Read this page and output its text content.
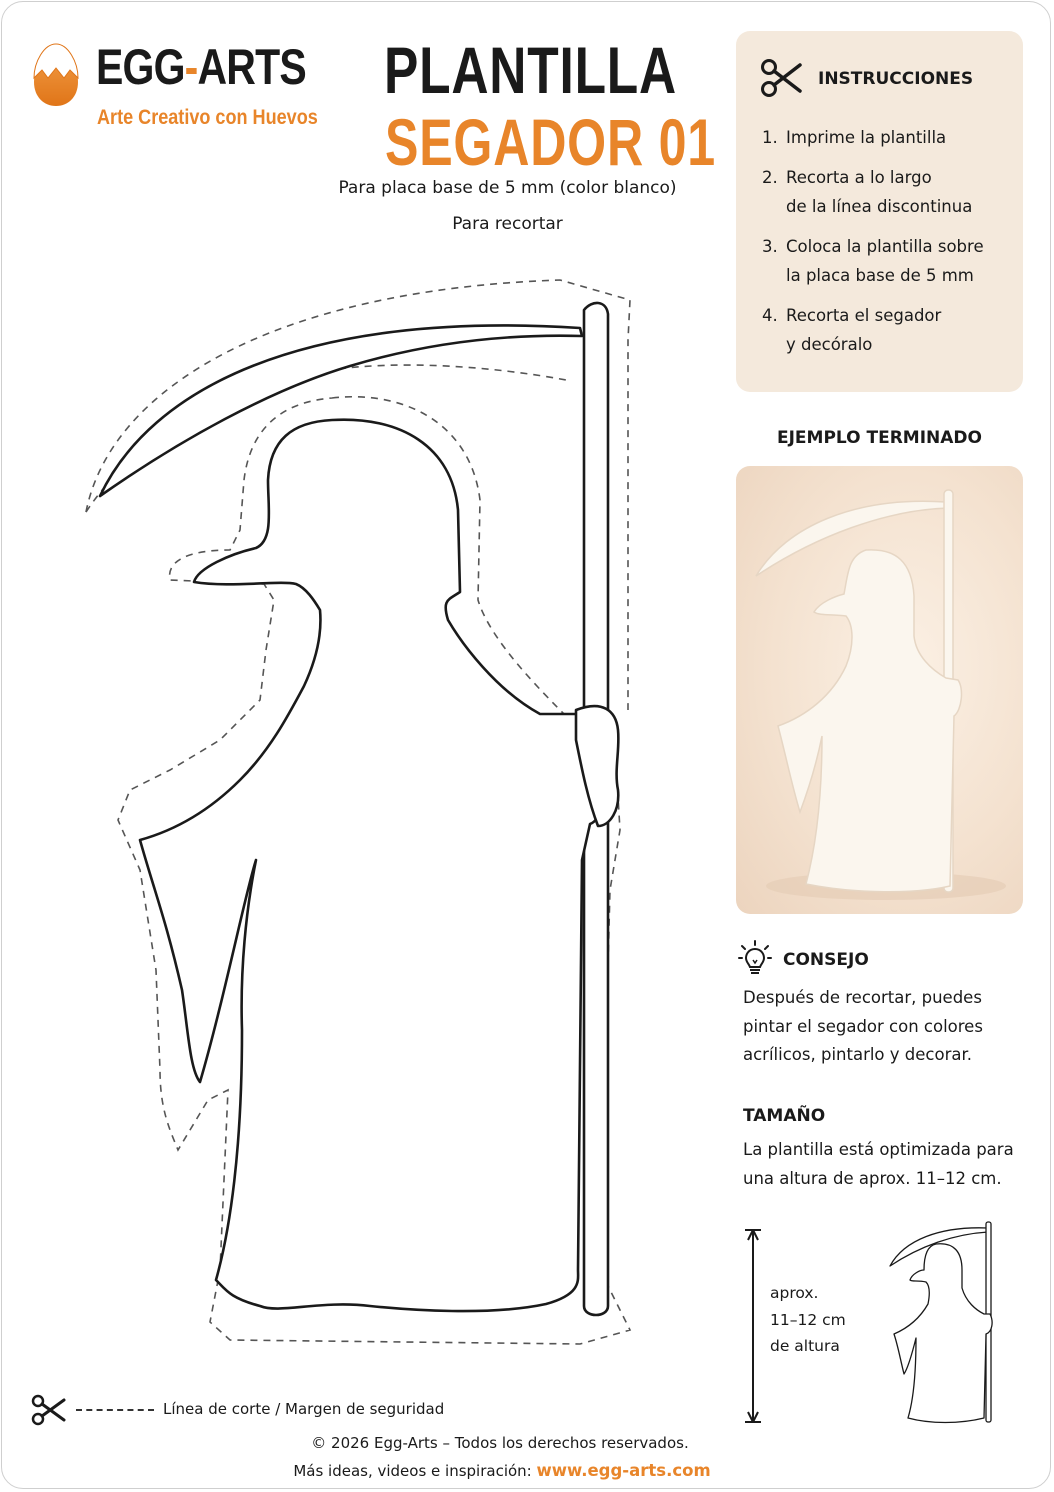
EGG-ARTS
Arte Creativo con Huevos
PLANTILLA
SEGADOR 01
Para placa base de 5 mm (color blanco)
Para recortar
INSTRUCCIONES
1. Imprime la plantilla
2. Recorta a lo largo
de la línea discontinua
3. Coloca la plantilla sobre
la placa base de 5 mm
4. Recorta el segador
y decóralo
EJEMPLO TERMINADO
CONSEJO
Después de recortar, puedes pintar el segador con colores acrílicos, pintarlo y decorar.
TAMAÑO
La plantilla está optimizada para una altura de aprox. 11–12 cm.
aprox.
11–12 cm
de altura
Línea de corte / Margen de seguridad
© 2026 Egg-Arts – Todos los derechos reservados.
Más ideas, videos e inspiración: www.egg-arts.com
